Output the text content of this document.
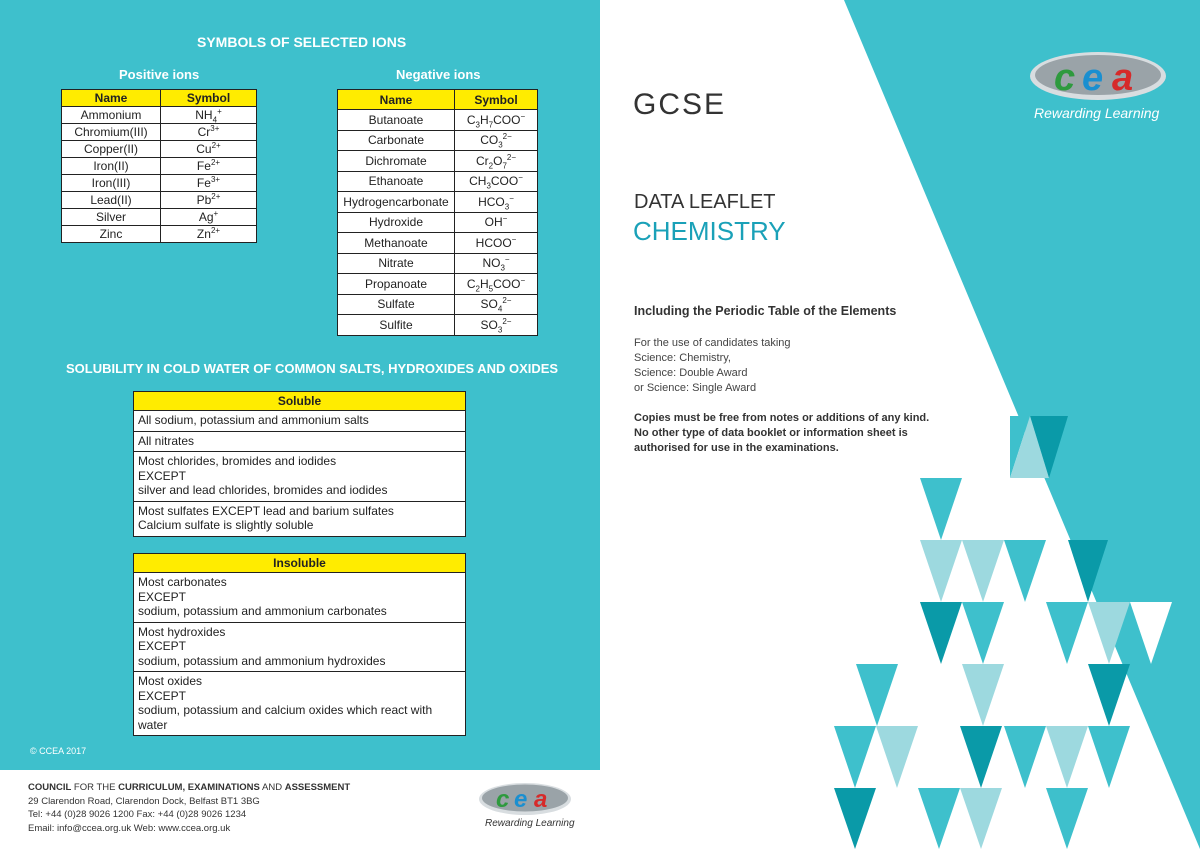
SYMBOLS OF SELECTED IONS
Positive ions	Negative ions
Name	Symbol
Ammonium	$NH_4^+$
Chromium(III)	$Cr^{3+}$
Copper(II)	$Cu^{2+}$
Iron(II)	$Fe^{2+}$
Iron(III)	$Fe^{3+}$
Lead(II)	$Pb^{2+}$
Silver	Ag+
Zinc	$Zn^{2+}$
Name	Symbol
Butanoate	$C_3H_7COO^-$
Carbonate	$CO_3^{2-}$
Dichromate	$Cr_2O_7^{2-}$
Ethanoate	$CH_3COO^-$
Hydrogencarbonate	$HCO_3^-$
Hydroxide	OH−
Methanoate	HCOO−
Nitrate	$NO_3^-$
Propanoate	$C_2H_5COO^-$
Sulfate	$SO_4^{2-}$
Sulfite	$SO_3^{2-}$
SOLUBILITY IN COLD WATER OF COMMON SALTS, HYDROXIDES AND OXIDES
Soluble
All sodium, potassium and ammonium salts
All nitrates
Most chlorides, bromides and iodides
EXCEPT
silver and lead chlorides, bromides and iodides
Most sulfates EXCEPT lead and barium sulfates
Calcium sulfate is slightly soluble
Insoluble
Most carbonates
EXCEPT
sodium, potassium and ammonium carbonates
Most hydroxides
EXCEPT
sodium, potassium and ammonium hydroxides
Most oxides
EXCEPT
sodium, potassium and calcium oxides which react with water
© CCEA 2017
COUNCIL FOR THE CURRICULUM, EXAMINATIONS AND ASSESSMENT
29 Clarendon Road, Clarendon Dock, Belfast BT1 3BG
Tel: +44 (0)28 9026 1200 Fax: +44 (0)28 9026 1234
Email: info@ccea.org.uk Web: www.ccea.org.uk
c e a
Rewarding Learning
c e a
Rewarding Learning
GCSE
DATA LEAFLET
CHEMISTRY
Including the Periodic Table of the Elements
For the use of candidates taking
Science: Chemistry,
Science: Double Award
or Science: Single Award
Copies must be free from notes or additions of any kind.
No other type of data booklet or information sheet is
authorised for use in the examinations.
